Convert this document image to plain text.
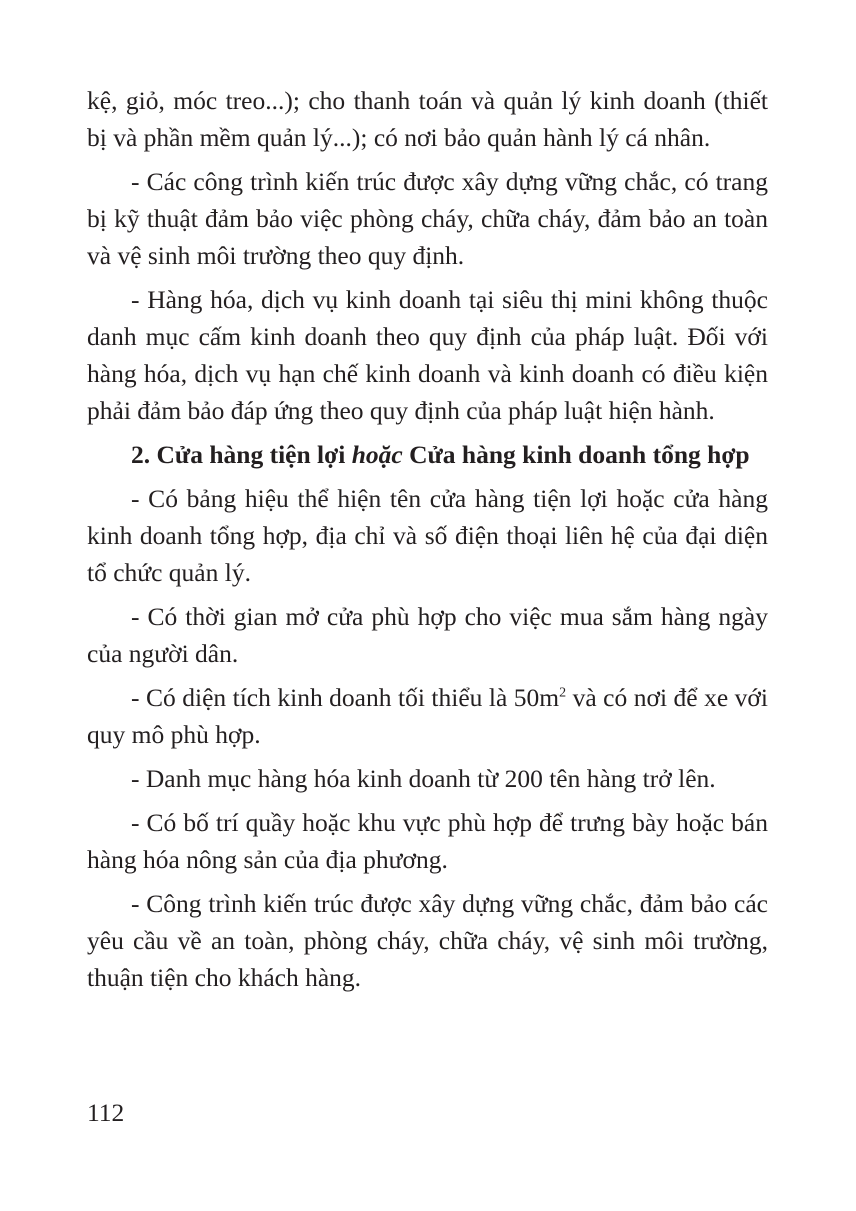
kệ, giỏ, móc treo...); cho thanh toán và quản lý kinh doanh (thiết bị và phần mềm quản lý...); có nơi bảo quản hành lý cá nhân.

- Các công trình kiến trúc được xây dựng vững chắc, có trang bị kỹ thuật đảm bảo việc phòng cháy, chữa cháy, đảm bảo an toàn và vệ sinh môi trường theo quy định.

- Hàng hóa, dịch vụ kinh doanh tại siêu thị mini không thuộc danh mục cấm kinh doanh theo quy định của pháp luật. Đối với hàng hóa, dịch vụ hạn chế kinh doanh và kinh doanh có điều kiện phải đảm bảo đáp ứng theo quy định của pháp luật hiện hành.

2. Cửa hàng tiện lợi hoặc Cửa hàng kinh doanh tổng hợp

- Có bảng hiệu thể hiện tên cửa hàng tiện lợi hoặc cửa hàng kinh doanh tổng hợp, địa chỉ và số điện thoại liên hệ của đại diện tổ chức quản lý.

- Có thời gian mở cửa phù hợp cho việc mua sắm hàng ngày của người dân.

- Có diện tích kinh doanh tối thiểu là $50m^2$ và có nơi để xe với quy mô phù hợp.

- Danh mục hàng hóa kinh doanh từ 200 tên hàng trở lên.

- Có bố trí quầy hoặc khu vực phù hợp để trưng bày hoặc bán hàng hóa nông sản của địa phương.

- Công trình kiến trúc được xây dựng vững chắc, đảm bảo các yêu cầu về an toàn, phòng cháy, chữa cháy, vệ sinh môi trường, thuận tiện cho khách hàng.

112
